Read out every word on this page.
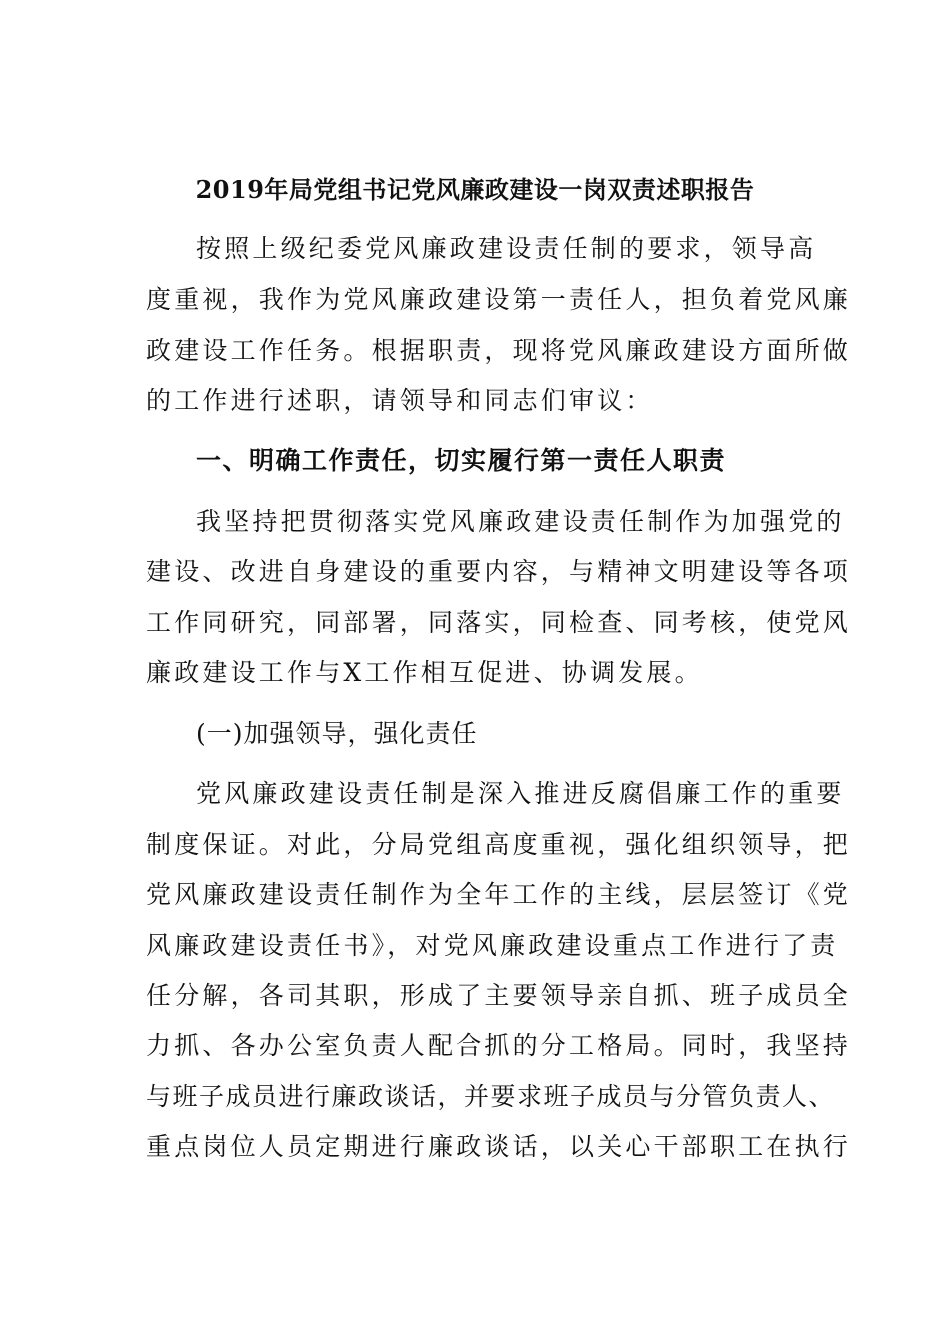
2019年局党组书记党风廉政建设一岗双责述职报告
按照上级纪委党风廉政建设责任制的要求，领导高
度重视，我作为党风廉政建设第一责任人，担负着党风廉
政建设工作任务。根据职责，现将党风廉政建设方面所做
的工作进行述职，请领导和同志们审议：
一、明确工作责任，切实履行第一责任人职责
我坚持把贯彻落实党风廉政建设责任制作为加强党的
建设、改进自身建设的重要内容，与精神文明建设等各项
工作同研究，同部署，同落实，同检查、同考核，使党风
廉政建设工作与X工作相互促进、协调发展。
(一)加强领导，强化责任
党风廉政建设责任制是深入推进反腐倡廉工作的重要
制度保证。对此，分局党组高度重视，强化组织领导，把
党风廉政建设责任制作为全年工作的主线，层层签订《党
风廉政建设责任书》，对党风廉政建设重点工作进行了责
任分解，各司其职，形成了主要领导亲自抓、班子成员全
力抓、各办公室负责人配合抓的分工格局。同时，我坚持
与班子成员进行廉政谈话，并要求班子成员与分管负责人、
重点岗位人员定期进行廉政谈话，以关心干部职工在执行
